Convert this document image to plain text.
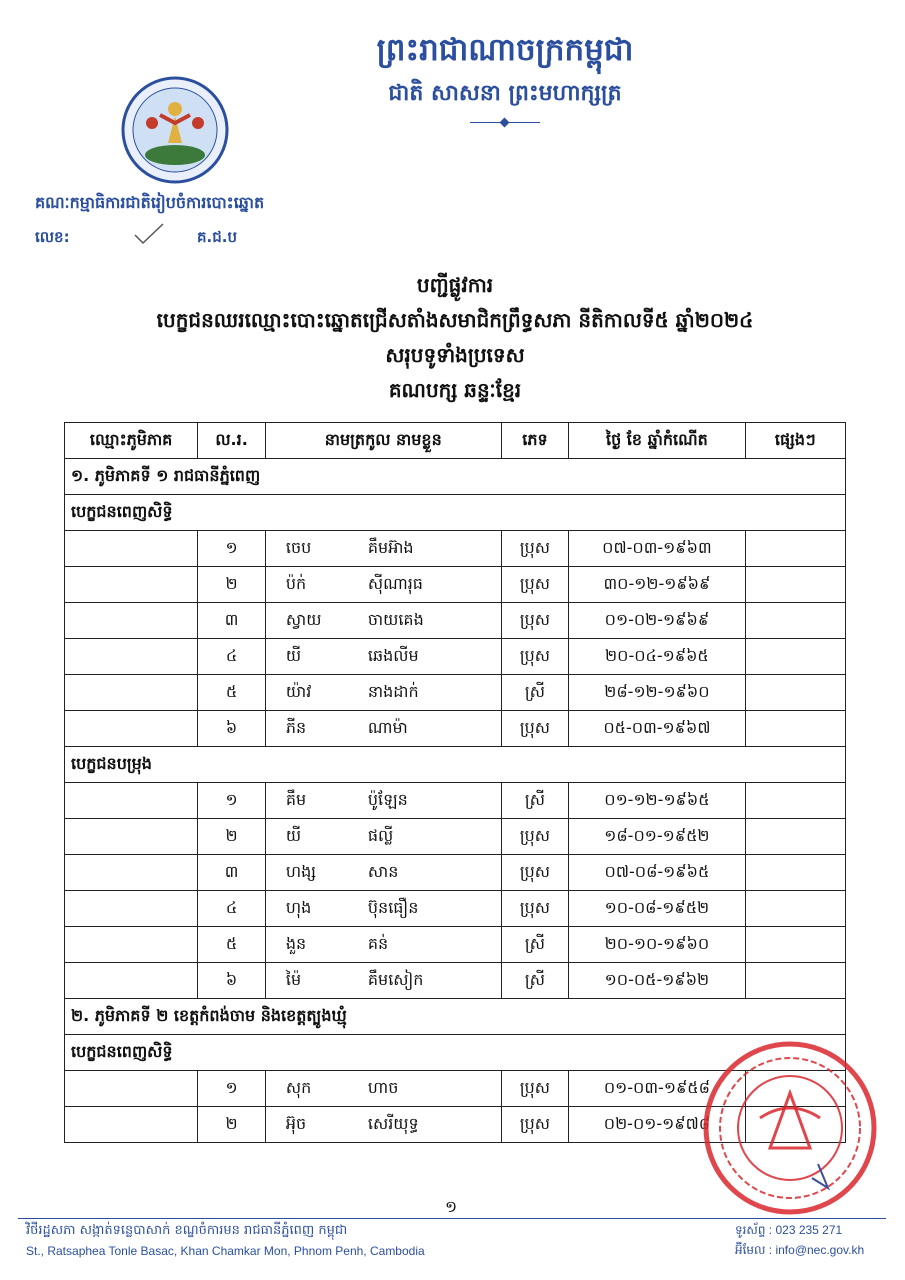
ព្រះរាជាណាចក្រកម្ពុជា
ជាតិ សាសនា ព្រះមហាក្សត្រ
គណៈកម្មាធិការជាតិរៀបចំការបោះឆ្នោត
លេខ:	គ.ជ.ប
បញ្ជីផ្លូវការ
បេក្ខជនឈរឈ្មោះបោះឆ្នោតជ្រើសតាំងសមាជិកព្រឹទ្ធសភា នីតិកាលទី៥ ឆ្នាំ២០២៤
សរុបទូទាំងប្រទេស
គណបក្ស ឆន្ទៈខ្មែរ
ឈ្មោះភូមិភាគ	ល.រ.	នាមត្រកូល នាមខ្លួន	ភេទ	ថ្ងៃ ខែ ឆ្នាំកំណើត	ផ្សេងៗ
១. ភូមិភាគទី ១ រាជធានីភ្នំពេញ					
បេក្ខជនពេញសិទ្ធិ					
	១	ចេប គឹមអ៊ាង	ប្រុស	០៧-០៣-១៩៦៣	
	២	ប៉ក់ ស៊ីណារុធ	ប្រុស	៣០-១២-១៩៦៩	
	៣	ស្វាយ ចាយគេង	ប្រុស	០១-០២-១៩៦៩	
	៤	យី ឆេងលីម	ប្រុស	២០-០៤-១៩៦៥	
	៥	យ៉ាវ នាងដាក់	ស្រី	២៨-១២-១៩៦០	
	៦	ភីន ណាម៉ា	ប្រុស	០៥-០៣-១៩៦៧	
បេក្ខជនបម្រុង					
	១	គឹម ប៉ូឡែន	ស្រី	០១-១២-១៩៦៥	
	២	យី ផល្លី	ប្រុស	១៨-០១-១៩៥២	
	៣	ហង្ស សាន	ប្រុស	០៧-០៨-១៩៦៥	
	៤	ហុង ប៊ុនធឿន	ប្រុស	១០-០៨-១៩៥២	
	៥	ងួន គន់	ស្រី	២០-១០-១៩៦០	
	៦	ម៉ៃ គឹមសៀក	ស្រី	១០-០៥-១៩៦២	
២. ភូមិភាគទី ២ ខេត្តកំពង់ចាម និងខេត្តត្បូងឃ្មុំ					
បេក្ខជនពេញសិទ្ធិ					
	១	សុក ហាច	ប្រុស	០១-០៣-១៩៥៨	
	២	អ៊ុច សេរីយុទ្ធ	ប្រុស	០២-០១-១៩៧៨	
១
វិថីរដ្ឋសភា សង្កាត់ទន្លេបាសាក់ ខណ្ឌចំការមន រាជធានីភ្នំពេញ កម្ពុជា
St., Ratsaphea Tonle Basac, Khan Chamkar Mon, Phnom Penh, Cambodia
ទូរស័ព្ទ : 023 235 271
អ៊ីមែល : info@nec.gov.kh
